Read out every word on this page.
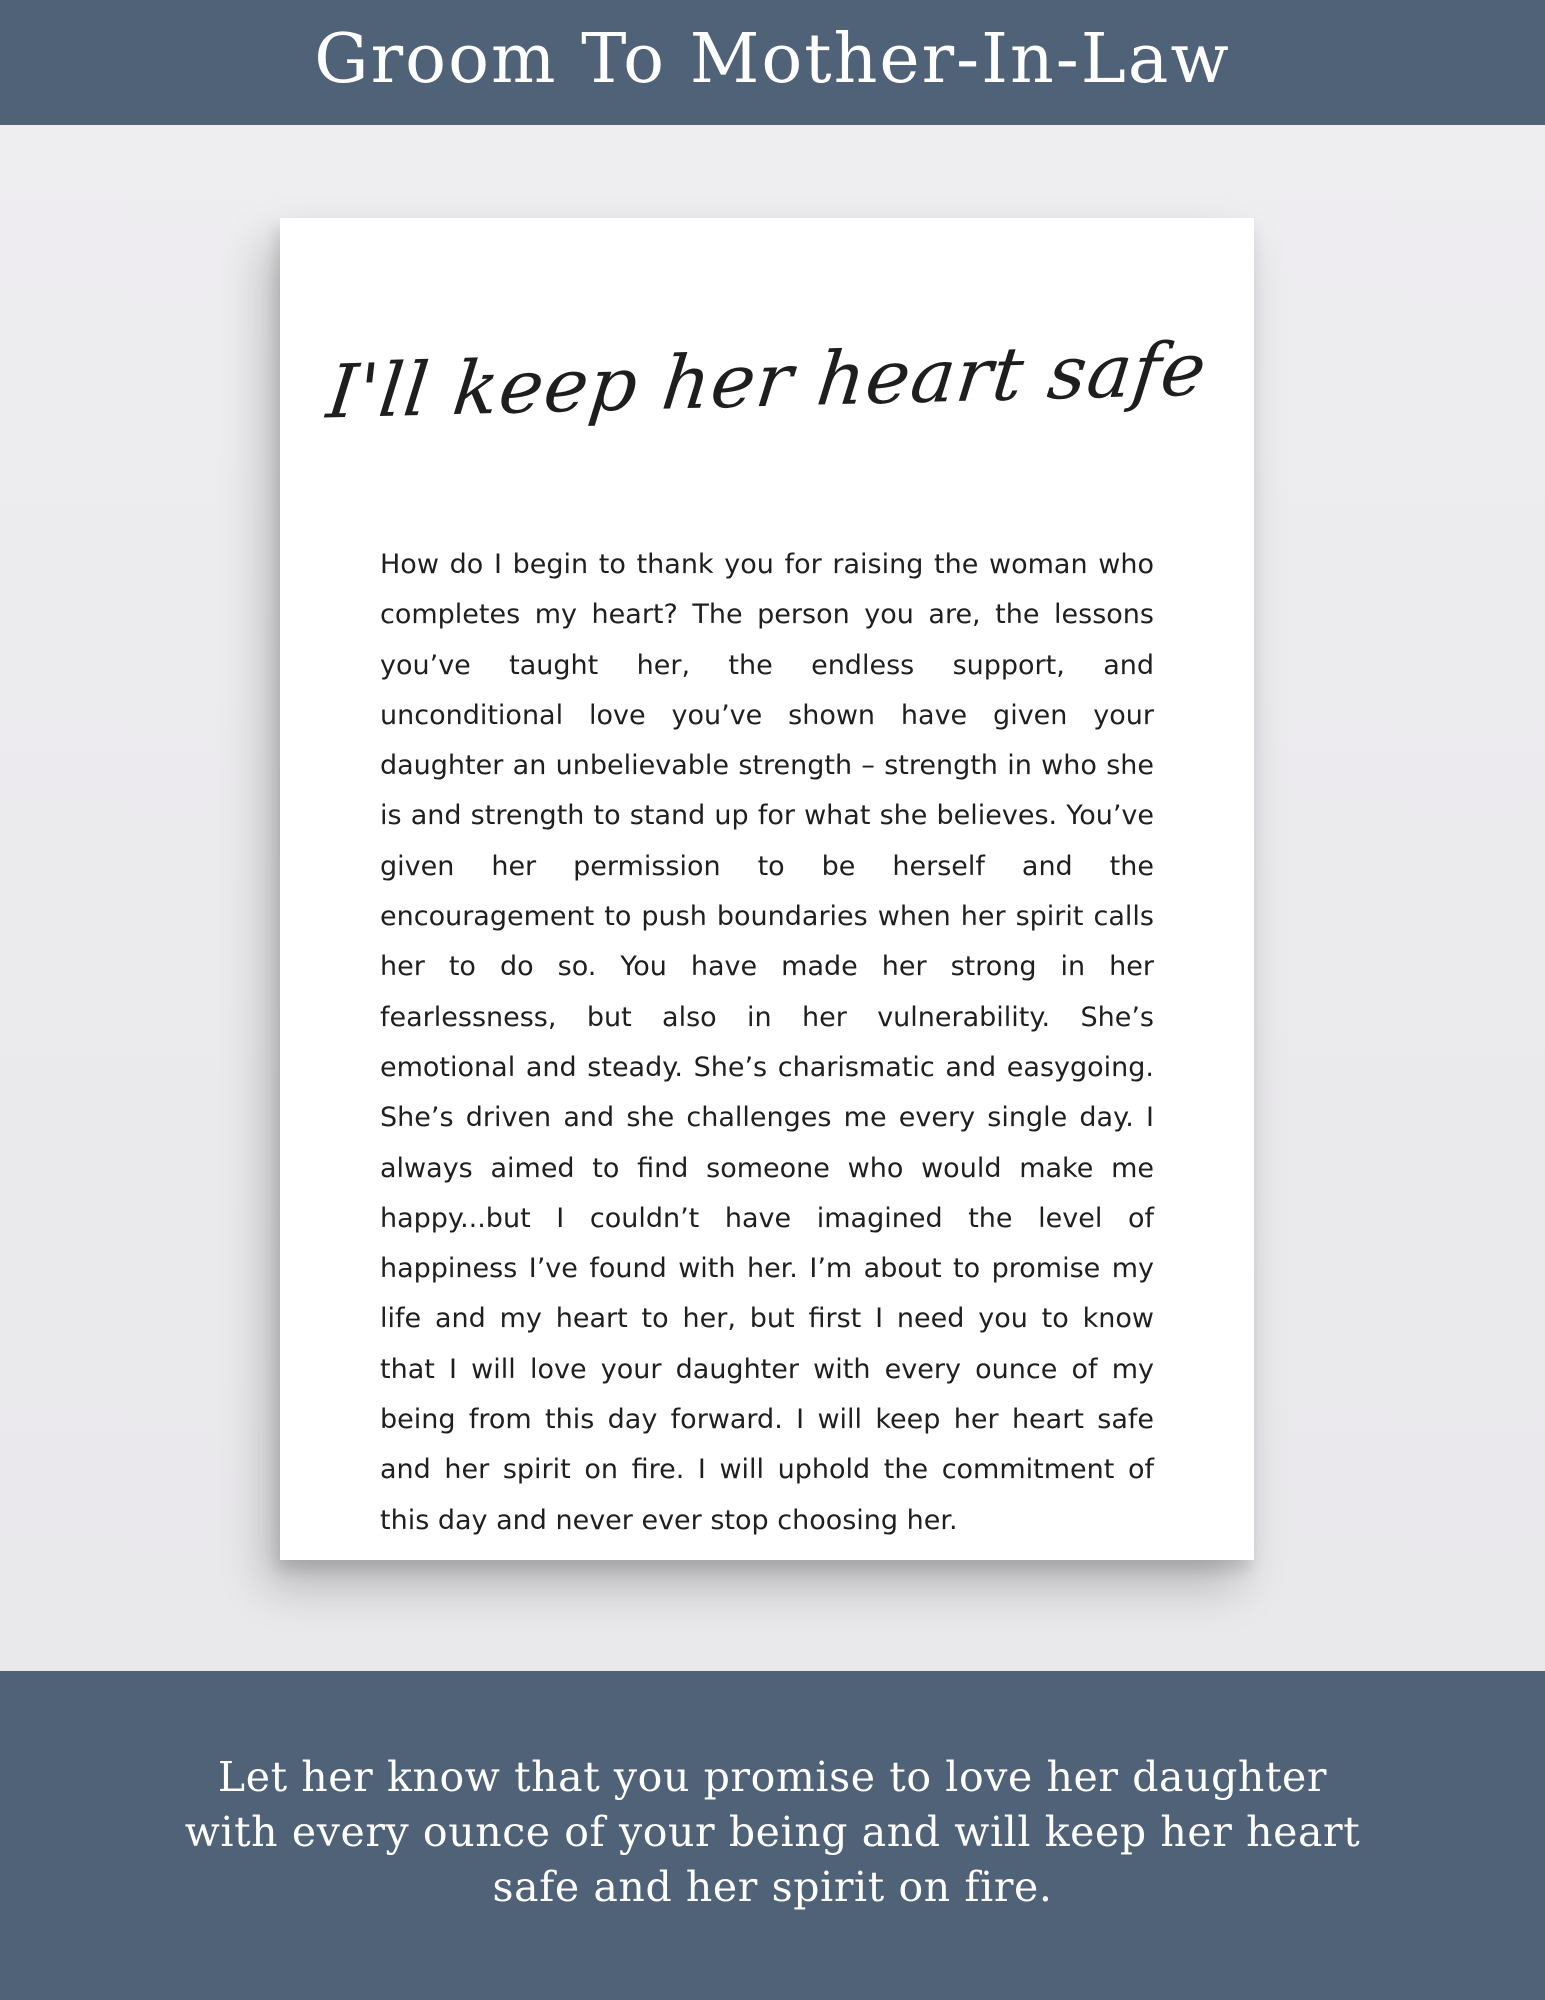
Groom To Mother-In-Law
I'll keep her heart safe
How do I begin to thank you for raising the woman who completes my heart? The person you are, the lessons you’ve taught her, the endless support, and unconditional love you’ve shown have given your daughter an unbelievable strength – strength in who she is and strength to stand up for what she believes. You’ve given her permission to be herself and the encouragement to push boundaries when her spirit calls her to do so. You have made her strong in her fearlessness, but also in her vulnerability. She’s emotional and steady. She’s charismatic and easygoing. She’s driven and she challenges me every single day. I always aimed to find someone who would make me happy...but I couldn’t have imagined the level of happiness I’ve found with her. I’m about to promise my life and my heart to her, but first I need you to know that I will love your daughter with every ounce of my being from this day forward. I will keep her heart safe and her spirit on fire. I will uphold the commitment of this day and never ever stop choosing her.

Let her know that you promise to love her daughter with every ounce of your being and will keep her heart safe and her spirit on fire.
